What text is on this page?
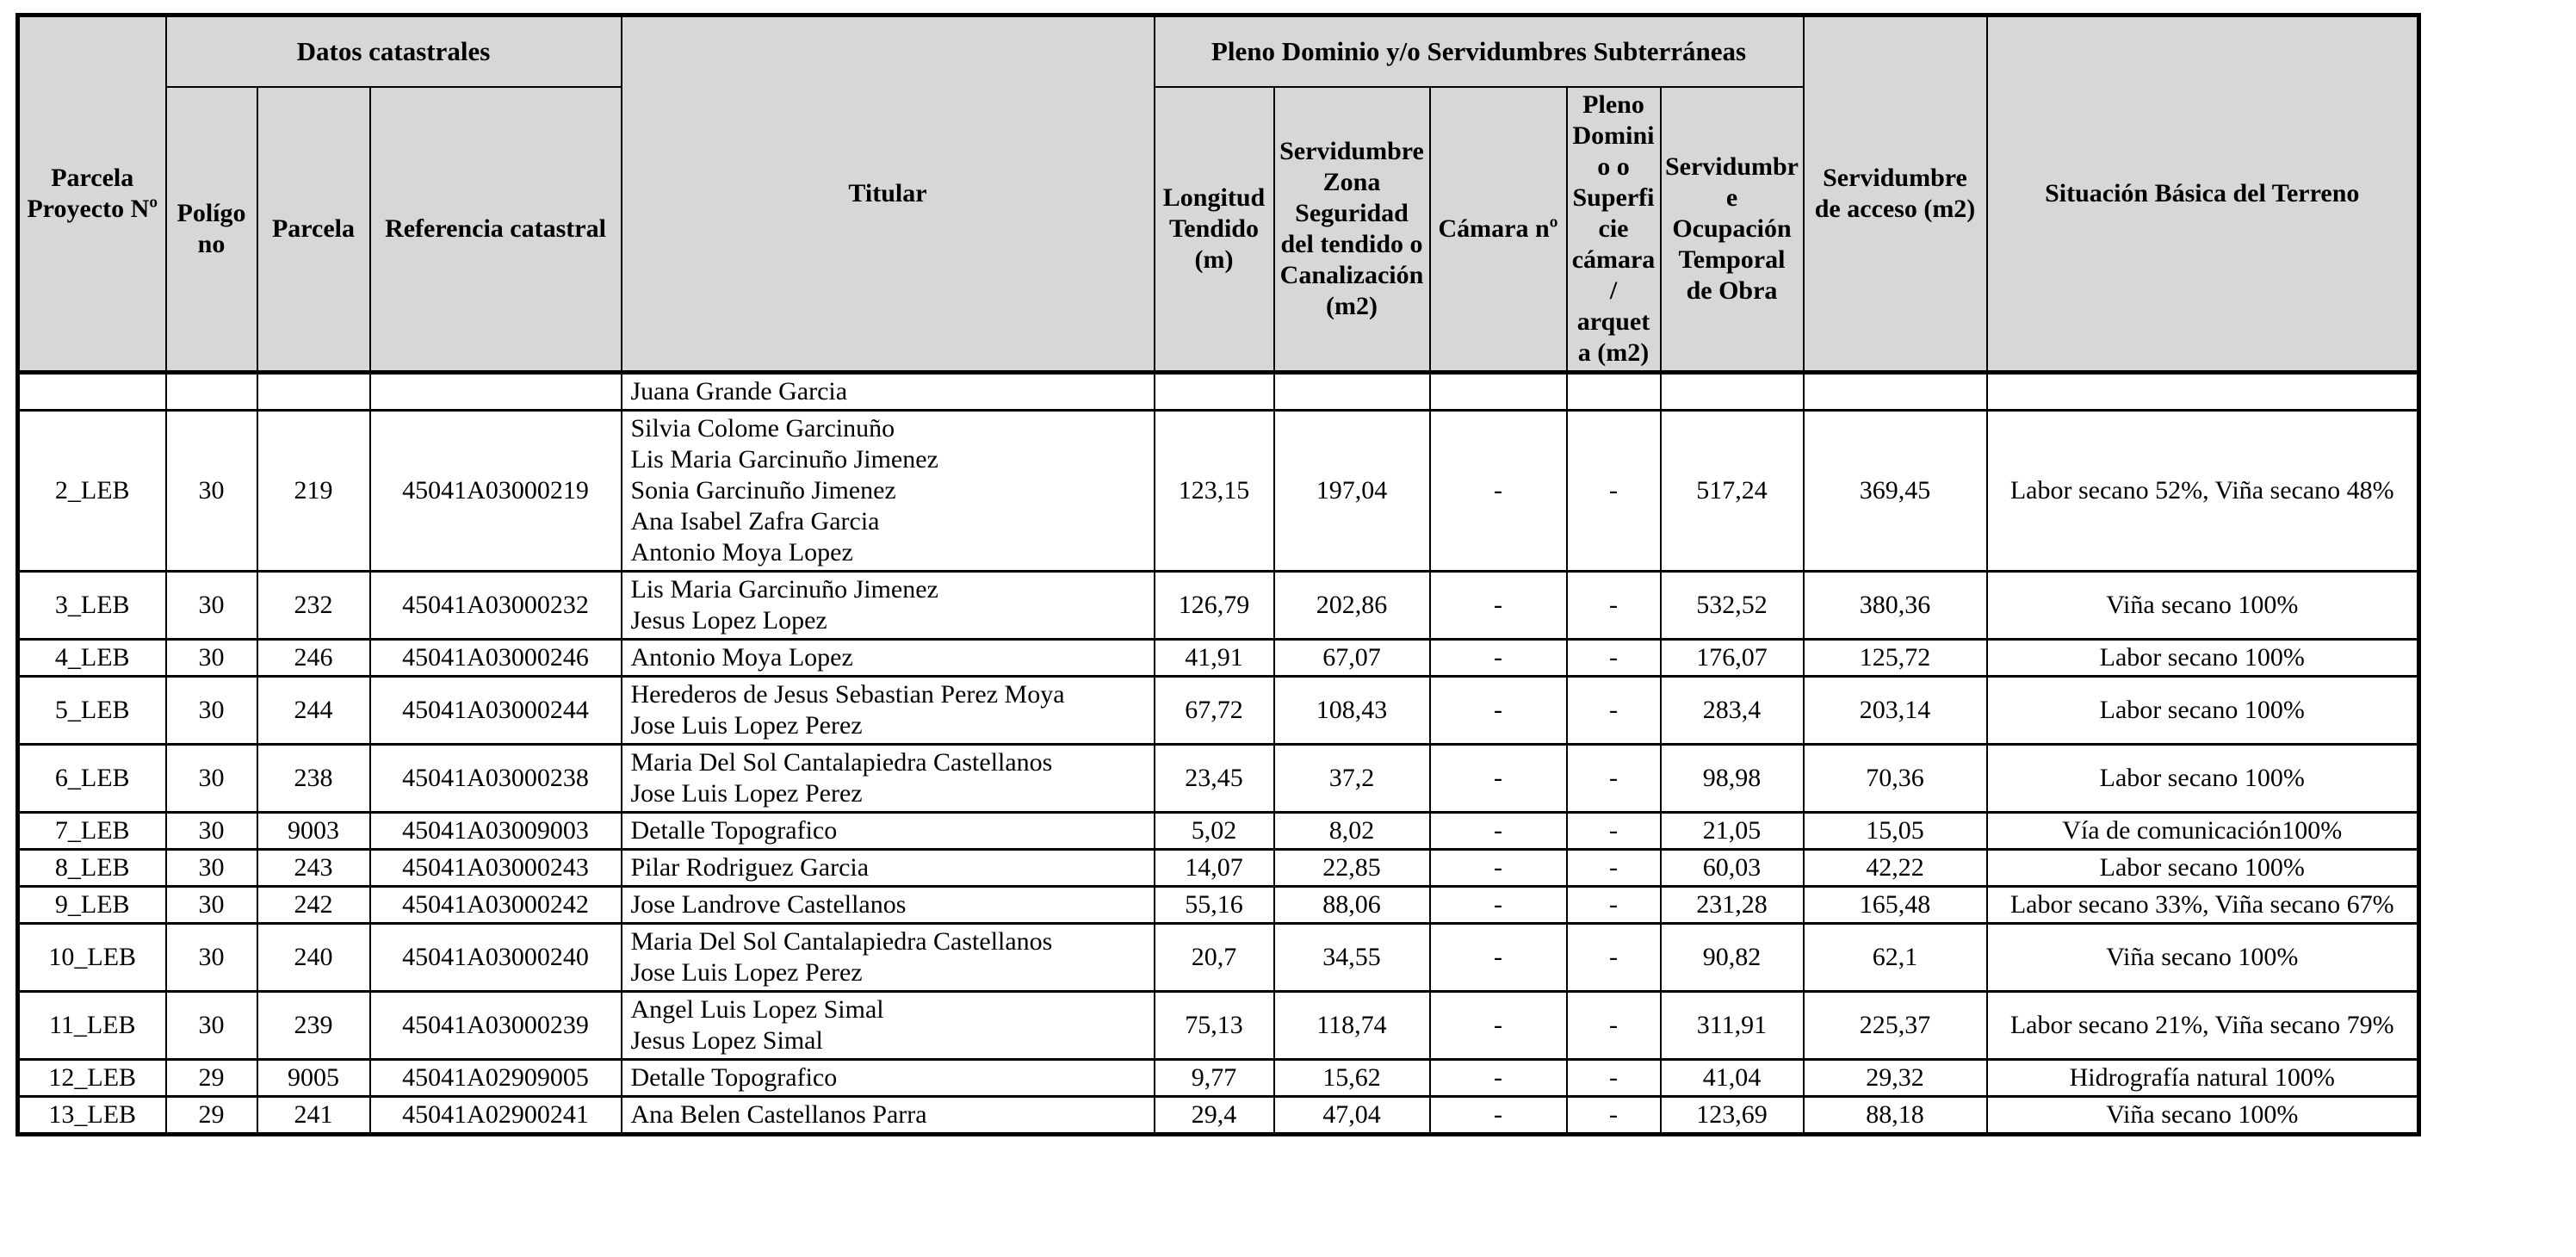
Parcela Proyecto Nº	Datos catastrales			Titular	Pleno Dominio y/o Servidumbres Subterráneas					Servidumbre de acceso (m2)	Situación Básica del Terreno
	Polígono	Parcela	Referencia catastral		Longitud Tendido (m)	Servidumbre Zona Seguridad del tendido o Canalización (m2)	Cámara nº	Pleno Dominio o Superficie cámara / arqueta (m2)	Servidumbre Ocupación Temporal de Obra		

				Juana Grande Garcia							

2_LEB	30	219	45041A03000219	Silvia Colome Garcinuño
Lis Maria Garcinuño Jimenez
Sonia Garcinuño Jimenez
Ana Isabel Zafra Garcia
Antonio Moya Lopez	123,15	197,04	-	-	517,24	369,45	Labor secano 52%, Viña secano 48%
3_LEB	30	232	45041A03000232	Lis Maria Garcinuño Jimenez
Jesus Lopez Lopez	126,79	202,86	-	-	532,52	380,36	Viña secano 100%
4_LEB	30	246	45041A03000246	Antonio Moya Lopez	41,91	67,07	-	-	176,07	125,72	Labor secano 100%
5_LEB	30	244	45041A03000244	Herederos de Jesus Sebastian Perez Moya
Jose Luis Lopez Perez	67,72	108,43	-	-	283,4	203,14	Labor secano 100%
6_LEB	30	238	45041A03000238	Maria Del Sol Cantalapiedra Castellanos
Jose Luis Lopez Perez	23,45	37,2	-	-	98,98	70,36	Labor secano 100%
7_LEB	30	9003	45041A03009003	Detalle Topografico	5,02	8,02	-	-	21,05	15,05	Vía de comunicación100%
8_LEB	30	243	45041A03000243	Pilar Rodriguez Garcia	14,07	22,85	-	-	60,03	42,22	Labor secano 100%
9_LEB	30	242	45041A03000242	Jose Landrove Castellanos	55,16	88,06	-	-	231,28	165,48	Labor secano 33%, Viña secano 67%
10_LEB	30	240	45041A03000240	Maria Del Sol Cantalapiedra Castellanos
Jose Luis Lopez Perez	20,7	34,55	-	-	90,82	62,1	Viña secano 100%
11_LEB	30	239	45041A03000239	Angel Luis Lopez Simal
Jesus Lopez Simal	75,13	118,74	-	-	311,91	225,37	Labor secano 21%, Viña secano 79%
12_LEB	29	9005	45041A02909005	Detalle Topografico	9,77	15,62	-	-	41,04	29,32	Hidrografía natural 100%
13_LEB	29	241	45041A02900241	Ana Belen Castellanos Parra	29,4	47,04	-	-	123,69	88,18	Viña secano 100%
